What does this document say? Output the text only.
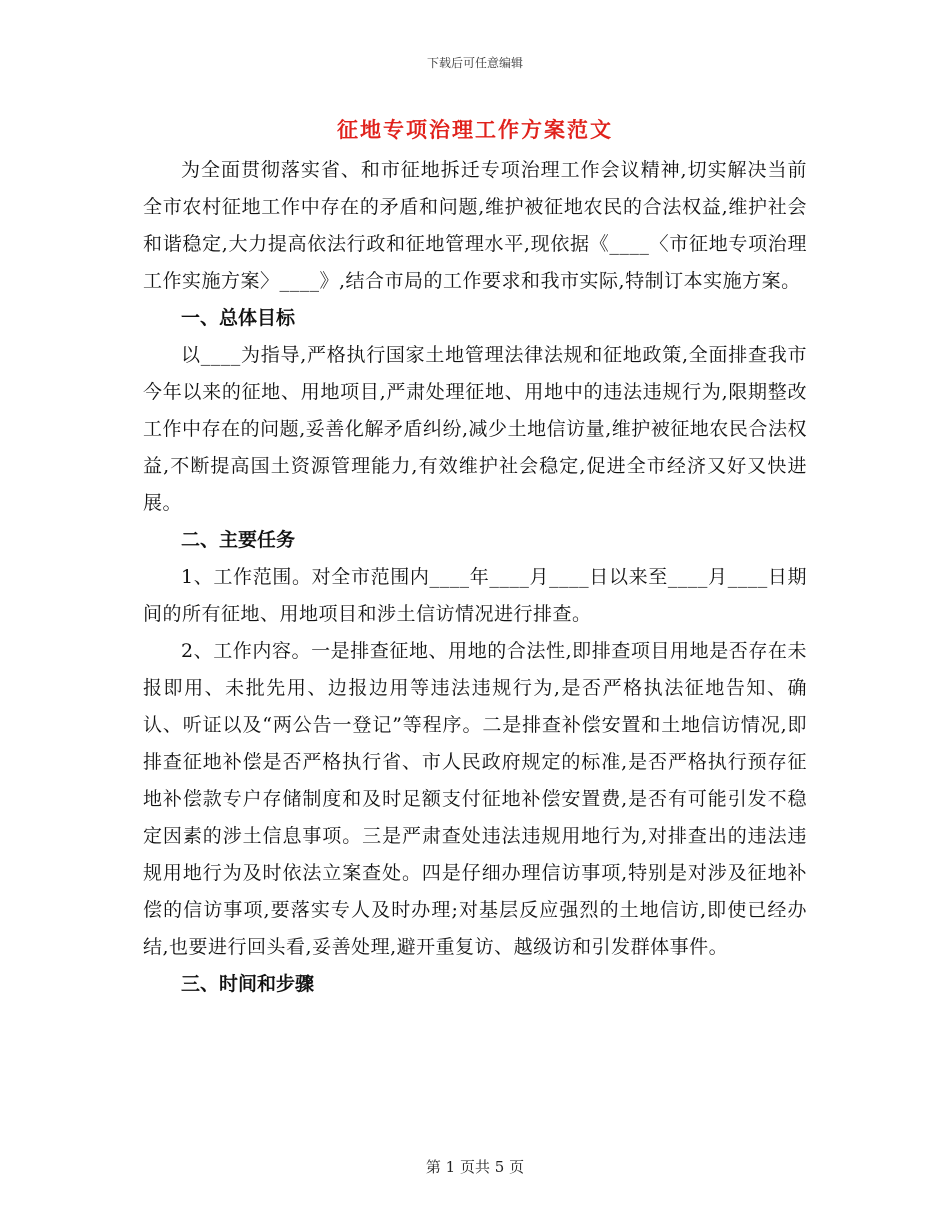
下载后可任意编辑
征地专项治理工作方案范文

为全面贯彻落实省、和市征地拆迁专项治理工作会议精神,切实解决当前全市农村征地工作中存在的矛盾和问题,维护被征地农民的合法权益,维护社会和谐稳定,大力提高依法行政和征地管理水平,现依据《____〈市征地专项治理工作实施方案〉____》,结合市局的工作要求和我市实际,特制订本实施方案。

一、总体目标

以____为指导,严格执行国家土地管理法律法规和征地政策,全面排查我市今年以来的征地、用地项目,严肃处理征地、用地中的违法违规行为,限期整改工作中存在的问题,妥善化解矛盾纠纷,减少土地信访量,维护被征地农民合法权益,不断提高国土资源管理能力,有效维护社会稳定,促进全市经济又好又快进展。

二、主要任务

1、工作范围。对全市范围内____年____月____日以来至____月____日期间的所有征地、用地项目和涉土信访情况进行排查。

2、工作内容。一是排查征地、用地的合法性,即排查项目用地是否存在未报即用、未批先用、边报边用等违法违规行为,是否严格执法征地告知、确认、听证以及“两公告一登记”等程序。二是排查补偿安置和土地信访情况,即排查征地补偿是否严格执行省、市人民政府规定的标准,是否严格执行预存征地补偿款专户存储制度和及时足额支付征地补偿安置费,是否有可能引发不稳定因素的涉土信息事项。三是严肃查处违法违规用地行为,对排查出的违法违规用地行为及时依法立案查处。四是仔细办理信访事项,特别是对涉及征地补偿的信访事项,要落实专人及时办理;对基层反应强烈的土地信访,即使已经办结,也要进行回头看,妥善处理,避开重复访、越级访和引发群体事件。

三、时间和步骤

第 1 页共 5 页
